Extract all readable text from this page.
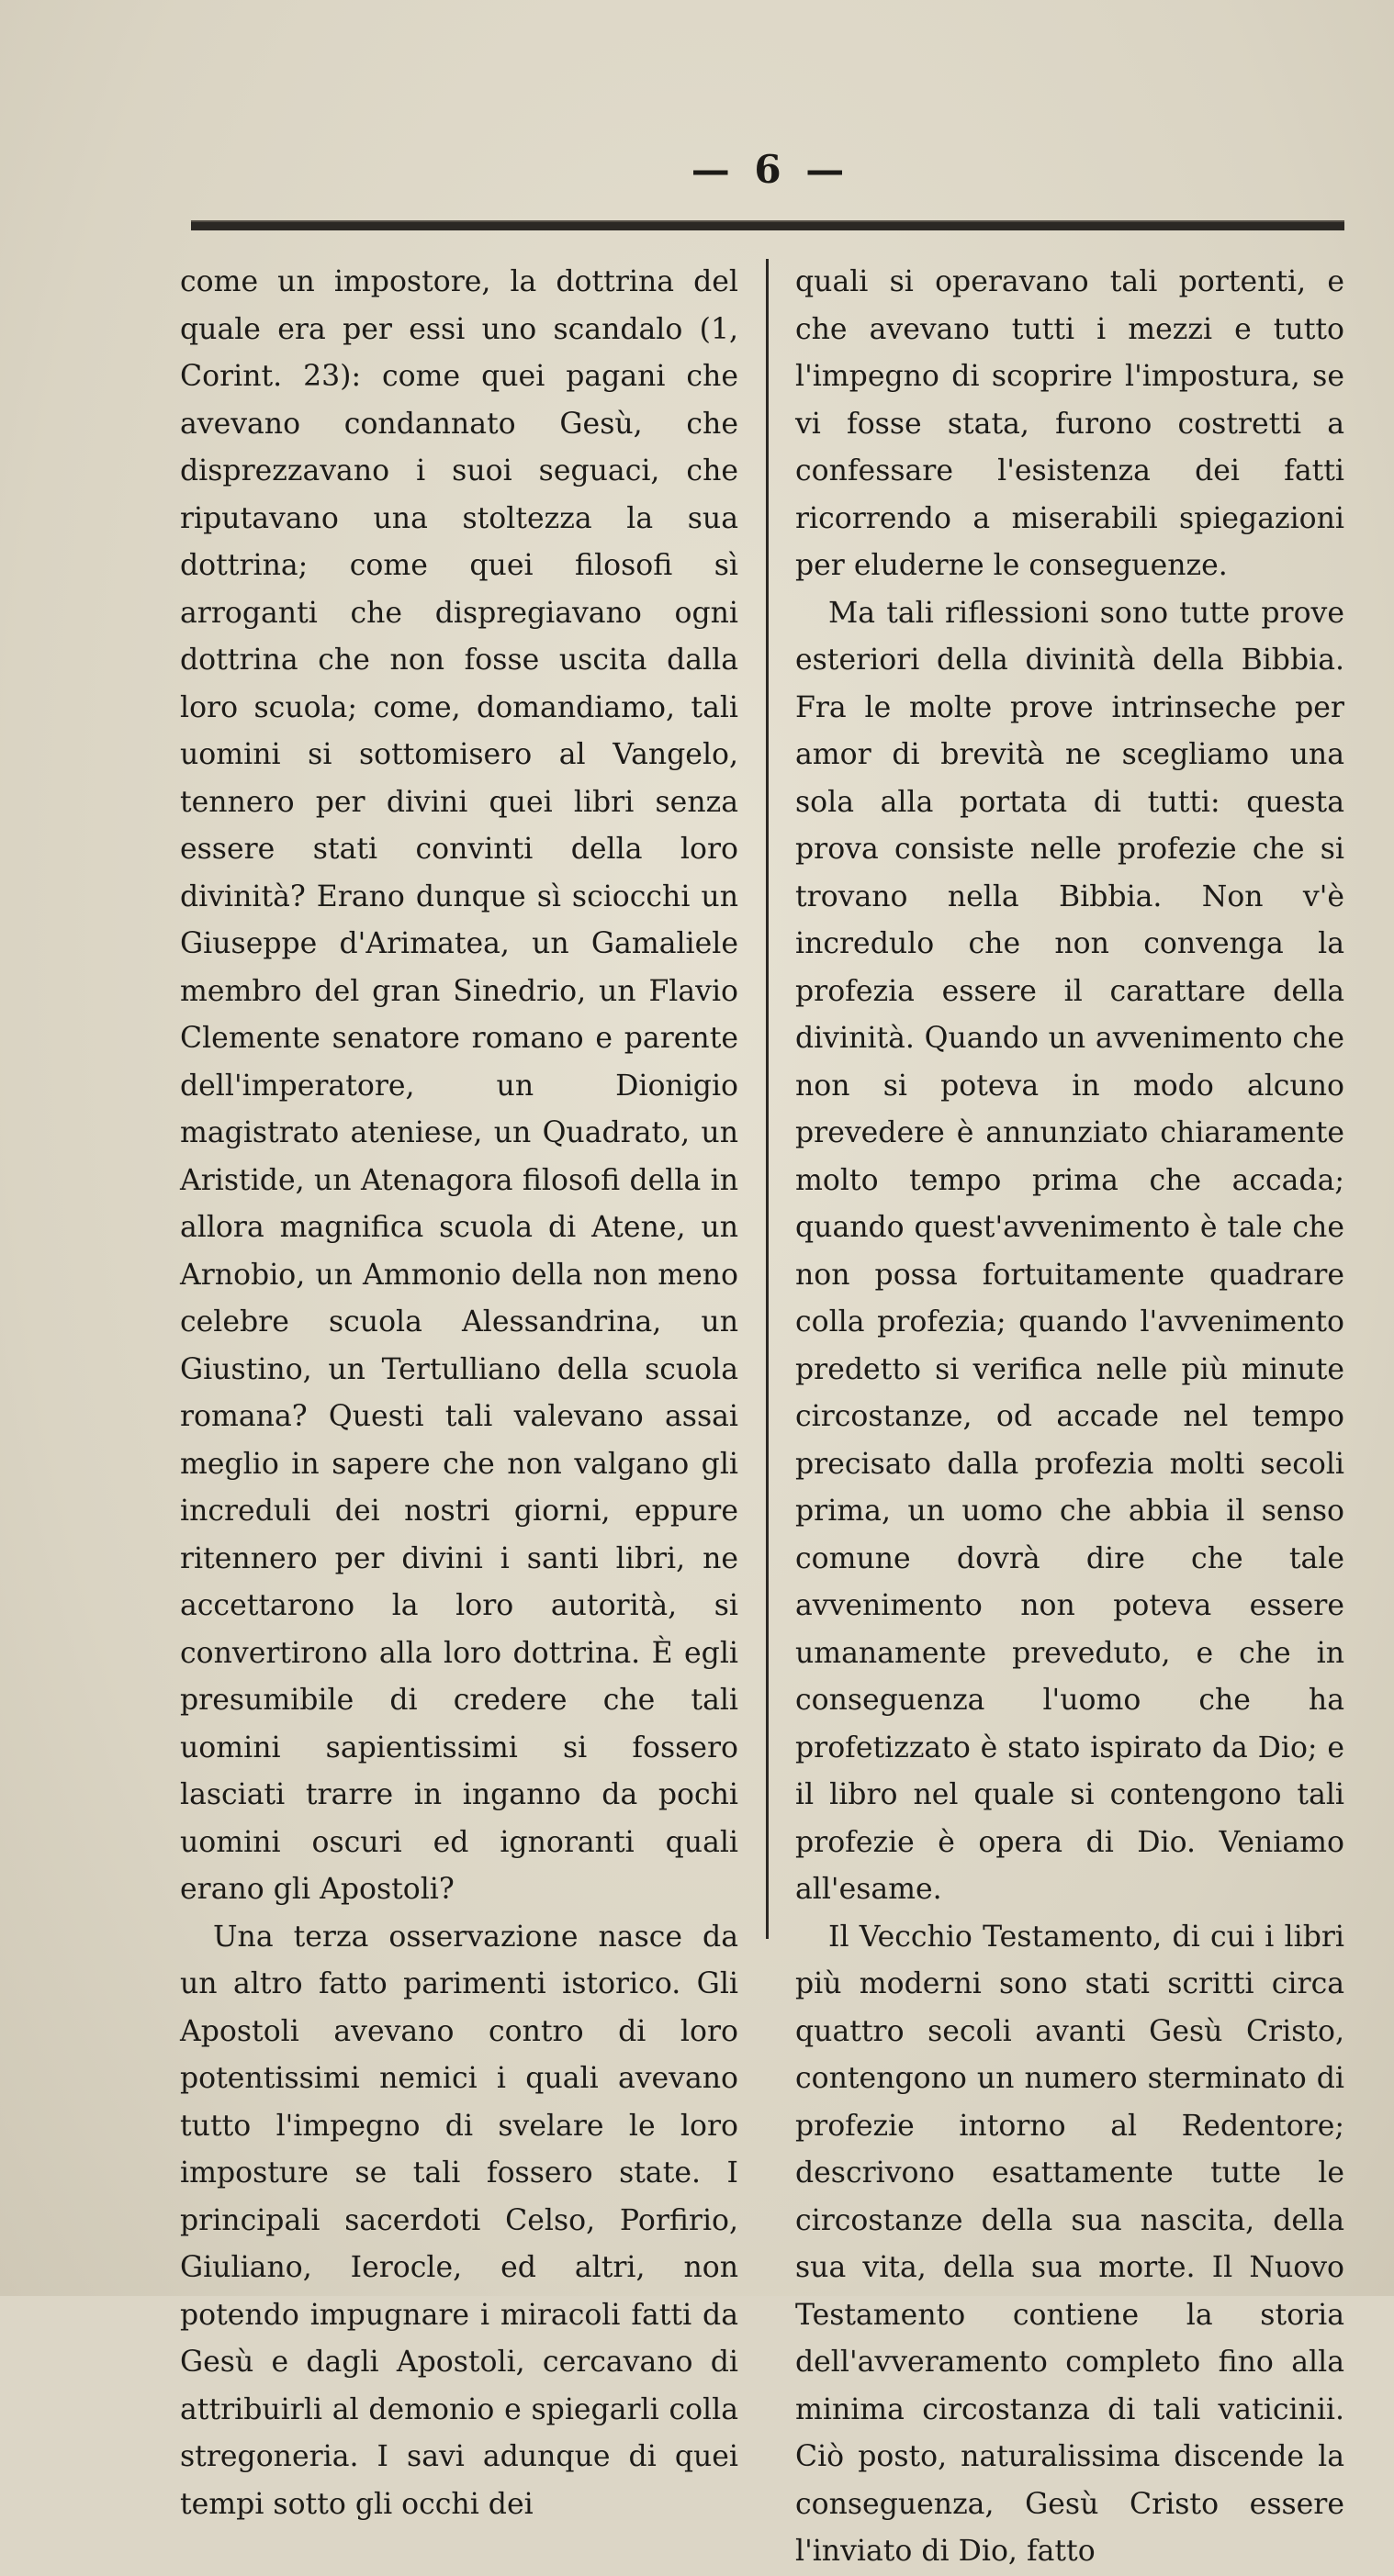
— 6 —

come un impostore, la dottrina del quale era per essi uno scandalo (1, Corint. 23): come quei pagani che avevano condannato Gesù, che disprezzavano i suoi seguaci, che riputavano una stoltezza la sua dottrina; come quei filosofi sì arroganti che dispregiavano ogni dottrina che non fosse uscita dalla loro scuola; come, domandiamo, tali uomini si sottomisero al Vangelo, tennero per divini quei libri senza essere stati convinti della loro divinità? Erano dunque sì sciocchi un Giuseppe d'Arimatea, un Gamaliele membro del gran Sinedrio, un Flavio Clemente senatore romano e parente dell'imperatore, un Dionigio magistrato ateniese, un Quadrato, un Aristide, un Atenagora filosofi della in allora magnifica scuola di Atene, un Arnobio, un Ammonio della non meno celebre scuola Alessandrina, un Giustino, un Tertulliano della scuola romana? Questi tali valevano assai meglio in sapere che non valgano gli increduli dei nostri giorni, eppure ritennero per divini i santi libri, ne accettarono la loro autorità, si convertirono alla loro dottrina. È egli presumibile di credere che tali uomini sapientissimi si fossero lasciati trarre in inganno da pochi uomini oscuri ed ignoranti quali erano gli Apostoli?

Una terza osservazione nasce da un altro fatto parimenti istorico. Gli Apostoli avevano contro di loro potentissimi nemici i quali avevano tutto l'impegno di svelare le loro imposture se tali fossero state. I principali sacerdoti Celso, Porfirio, Giuliano, Ierocle, ed altri, non potendo impugnare i miracoli fatti da Gesù e dagli Apostoli, cercavano di attribuirli al demonio e spiegarli colla stregoneria. I savi adunque di quei tempi sotto gli occhi dei

quali si operavano tali portenti, e che avevano tutti i mezzi e tutto l'impegno di scoprire l'impostura, se vi fosse stata, furono costretti a confessare l'esistenza dei fatti ricorrendo a miserabili spiegazioni per eluderne le conseguenze.

Ma tali riflessioni sono tutte prove esteriori della divinità della Bibbia. Fra le molte prove intrinseche per amor di brevità ne scegliamo una sola alla portata di tutti: questa prova consiste nelle profezie che si trovano nella Bibbia. Non v'è incredulo che non convenga la profezia essere il carattare della divinità. Quando un avvenimento che non si poteva in modo alcuno prevedere è annunziato chiaramente molto tempo prima che accada; quando quest'avvenimento è tale che non possa fortuitamente quadrare colla profezia; quando l'avvenimento predetto si verifica nelle più minute circostanze, od accade nel tempo precisato dalla profezia molti secoli prima, un uomo che abbia il senso comune dovrà dire che tale avvenimento non poteva essere umanamente preveduto, e che in conseguenza l'uomo che ha profetizzato è stato ispirato da Dio; e il libro nel quale si contengono tali profezie è opera di Dio. Veniamo all'esame.

Il Vecchio Testamento, di cui i libri più moderni sono stati scritti circa quattro secoli avanti Gesù Cristo, contengono un numero sterminato di profezie intorno al Redentore; descrivono esattamente tutte le circostanze della sua nascita, della sua vita, della sua morte. Il Nuovo Testamento contiene la storia dell'avveramento completo fino alla minima circostanza di tali vaticinii. Ciò posto, naturalissima discende la conseguenza, Gesù Cristo essere l'inviato di Dio, fatto
